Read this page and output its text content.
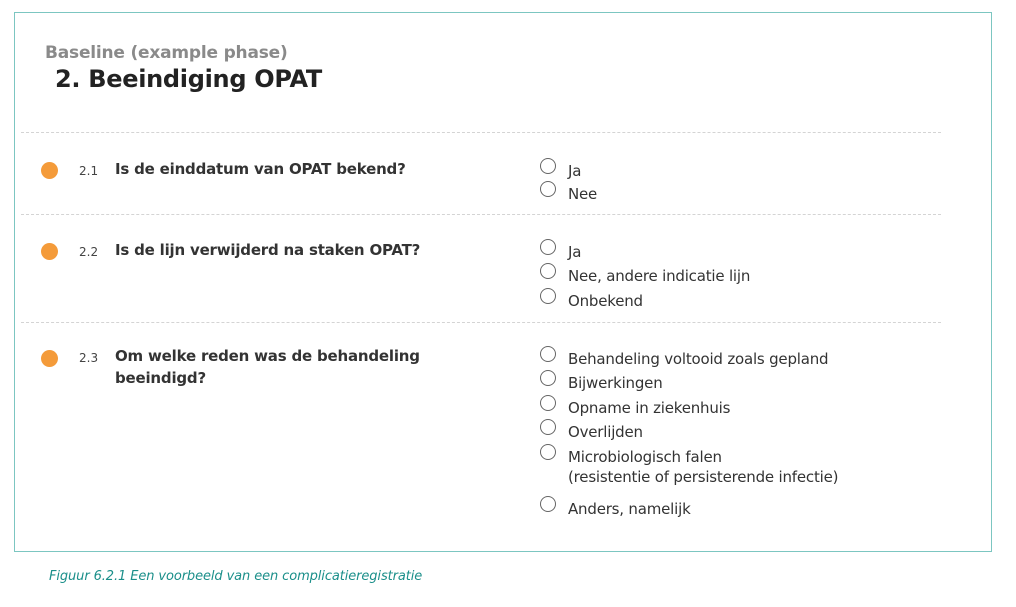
Baseline (example phase)
2. Beeindiging OPAT
2.1 Is de einddatum van OPAT bekend?	Ja
Nee
2.2 Is de lijn verwijderd na staken OPAT?	Ja
Nee, andere indicatie lijn
Onbekend
2.3 Om welke reden was de behandeling
beeindigd?
Behandeling voltooid zoals gepland
Bijwerkingen
Opname in ziekenhuis
Overlijden
Microbiologisch falen
(resistentie of persisterende infectie)
Anders, namelijk
Figuur 6.2.1 Een voorbeeld van een complicatieregistratie
